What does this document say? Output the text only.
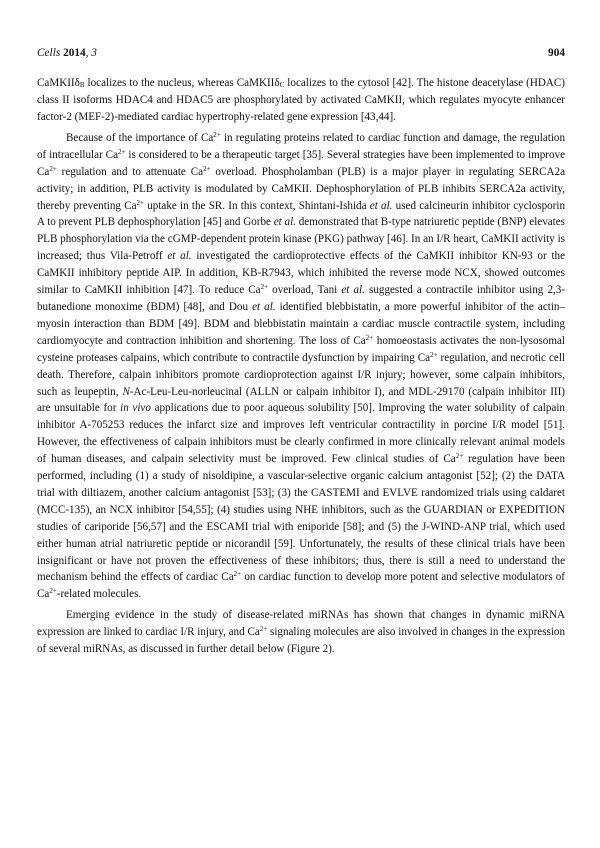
Cells 2014, 3	904

CaMKIIδ$_B$ localizes to the nucleus, whereas CaMKIIδ$_C$ localizes to the cytosol [42]. The histone deacetylase (HDAC) class II isoforms HDAC4 and HDAC5 are phosphorylated by activated CaMKII, which regulates myocyte enhancer factor-2 (MEF-2)-mediated cardiac hypertrophy-related gene expression [43,44].

Because of the importance of $Ca^{2+}$ in regulating proteins related to cardiac function and damage, the regulation of intracellular $Ca^{2+}$ is considered to be a therapeutic target [35]. Several strategies have been implemented to improve $Ca^{2+}$ regulation and to attenuate $Ca^{2+}$ overload. Phospholamban (PLB) is a major player in regulating SERCA2a activity; in addition, PLB activity is modulated by CaMKII. Dephosphorylation of PLB inhibits SERCA2a activity, thereby preventing $Ca^{2+}$ uptake in the SR. In this context, Shintani-Ishida et al. used calcineurin inhibitor cyclosporin A to prevent PLB dephosphorylation [45] and Gorbe et al. demonstrated that B-type natriuretic peptide (BNP) elevates PLB phosphorylation via the cGMP-dependent protein kinase (PKG) pathway [46]. In an I/R heart, CaMKII activity is increased; thus Vila-Petroff et al. investigated the cardioprotective effects of the CaMKII inhibitor KN-93 or the CaMKII inhibitory peptide AIP. In addition, KB-R7943, which inhibited the reverse mode NCX, showed outcomes similar to CaMKII inhibition [47]. To reduce $Ca^{2+}$ overload, Tani et al. suggested a contractile inhibitor using 2,3-butanedione monoxime (BDM) [48], and Dou et al. identified blebbistatin, a more powerful inhibitor of the actin–myosin interaction than BDM [49]. BDM and blebbistatin maintain a cardiac muscle contractile system, including cardiomyocyte and contraction inhibition and shortening. The loss of $Ca^{2+}$ homoeostasis activates the non-lysosomal cysteine proteases calpains, which contribute to contractile dysfunction by impairing $Ca^{2+}$ regulation, and necrotic cell death. Therefore, calpain inhibitors promote cardioprotection against I/R injury; however, some calpain inhibitors, such as leupeptin, N-Ac-Leu-Leu-norleucinal (ALLN or calpain inhibitor I), and MDL-29170 (calpain inhibitor III) are unsuitable for in vivo applications due to poor aqueous solubility [50]. Improving the water solubility of calpain inhibitor A-705253 reduces the infarct size and improves left ventricular contractility in porcine I/R model [51]. However, the effectiveness of calpain inhibitors must be clearly confirmed in more clinically relevant animal models of human diseases, and calpain selectivity must be improved. Few clinical studies of $Ca^{2+}$ regulation have been performed, including (1) a study of nisoldipine, a vascular-selective organic calcium antagonist [52]; (2) the DATA trial with diltiazem, another calcium antagonist [53]; (3) the CASTEMI and EVLVE randomized trials using caldaret (MCC-135), an NCX inhibitor [54,55]; (4) studies using NHE inhibitors, such as the GUARDIAN or EXPEDITION studies of cariporide [56,57] and the ESCAMI trial with eniporide [58]; and (5) the J-WIND-ANP trial, which used either human atrial natriuretic peptide or nicorandil [59]. Unfortunately, the results of these clinical trials have been insignificant or have not proven the effectiveness of these inhibitors; thus, there is still a need to understand the mechanism behind the effects of cardiac $Ca^{2+}$ on cardiac function to develop more potent and selective modulators of $Ca^{2+}$-related molecules.

Emerging evidence in the study of disease-related miRNAs has shown that changes in dynamic miRNA expression are linked to cardiac I/R injury, and $Ca^{2+}$ signaling molecules are also involved in changes in the expression of several miRNAs, as discussed in further detail below (Figure 2).
